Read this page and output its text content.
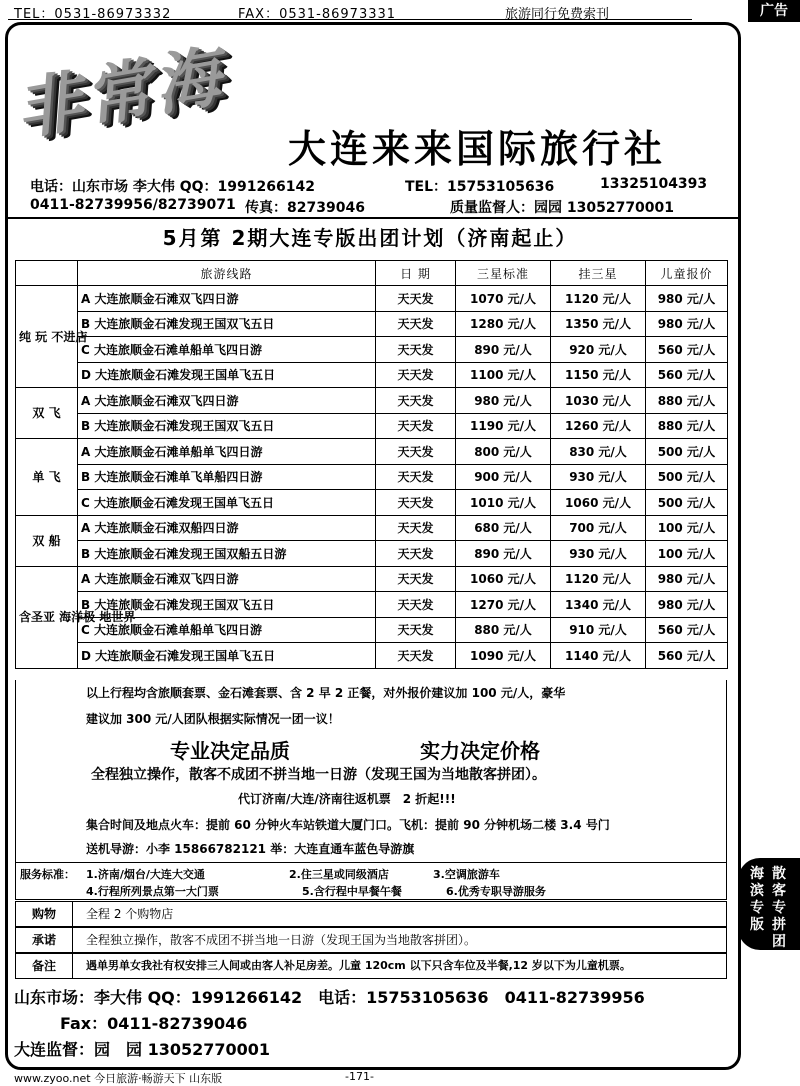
TEL：0531-86973332	FAX：0531-86973331	旅游同行免费索刊	广告
非常海 大连来来国际旅行社
电话：山东市场 李大伟 QQ：1991266142	TEL：15753105636	13325104393
0411-82739956/82739071 传真：82739046	质量监督人：园园 13052770001
5月第 2期大连专版出团计划（济南起止）
	旅游线路	日 期	三星标准	挂三星	儿童报价
纯 玩 不进店	A 大连旅顺金石滩双飞四日游	天天发	1070 元/人	1120 元/人	980 元/人
	B 大连旅顺金石滩发现王国双飞五日	天天发	1280 元/人	1350 元/人	980 元/人
	C 大连旅顺金石滩单船单飞四日游	天天发	890 元/人	920 元/人	560 元/人
	D 大连旅顺金石滩发现王国单飞五日	天天发	1100 元/人	1150 元/人	560 元/人
双 飞	A 大连旅顺金石滩双飞四日游	天天发	980 元/人	1030 元/人	880 元/人
	B 大连旅顺金石滩发现王国双飞五日	天天发	1190 元/人	1260 元/人	880 元/人
单 飞	A 大连旅顺金石滩单船单飞四日游	天天发	800 元/人	830 元/人	500 元/人
	B 大连旅顺金石滩单飞单船四日游	天天发	900 元/人	930 元/人	500 元/人
	C 大连旅顺金石滩发现王国单飞五日	天天发	1010 元/人	1060 元/人	500 元/人
双 船	A 大连旅顺金石滩双船四日游	天天发	680 元/人	700 元/人	100 元/人
	B 大连旅顺金石滩发现王国双船五日游	天天发	890 元/人	930 元/人	100 元/人
含圣亚 海洋极 地世界	A 大连旅顺金石滩双飞四日游	天天发	1060 元/人	1120 元/人	980 元/人
	B 大连旅顺金石滩发现王国双飞五日	天天发	1270 元/人	1340 元/人	980 元/人
	C 大连旅顺金石滩单船单飞四日游	天天发	880 元/人	910 元/人	560 元/人
	D 大连旅顺金石滩发现王国单飞五日	天天发	1090 元/人	1140 元/人	560 元/人
以上行程均含旅顺套票、金石滩套票、含 2 早 2 正餐，对外报价建议加 100 元/人，豪华
建议加 300 元/人团队根据实际情况一团一议！
全程独立操作，散客不成团不拼当地一日游（发现王国为当地散客拼团）。
代订济南/大连/济南往返机票　2 折起!!!
集合时间及地点火车：提前 60 分钟火车站铁道大厦门口。飞机：提前 90 分钟机场二楼 3.4 号门
送机导游：小李 15866782121 举：大连直通车蓝色导游旗
专业决定品质	实力决定价格
服务标准： 1.济南/烟台/大连大交通	2.住三星或同级酒店	3.空调旅游车
4.行程所列景点第一大门票	5.含行程中早餐午餐	6.优秀专职导游服务
购物	全程 2 个购物店
承诺	全程独立操作，散客不成团不拼当地一日游（发现王国为当地散客拼团）。
备注	遇单男单女我社有权安排三人间或由客人补足房差。儿童 120cm 以下只含车位及半餐,12 岁以下为儿童机票。
山东市场：李大伟 QQ：1991266142　电话：15753105636　0411-82739956
Fax：0411-82739046
大连监督：园　园 13052770001
散客专拼团
海滨专版
www.zyoo.net 今日旅游·畅游天下 山东版	-171-
